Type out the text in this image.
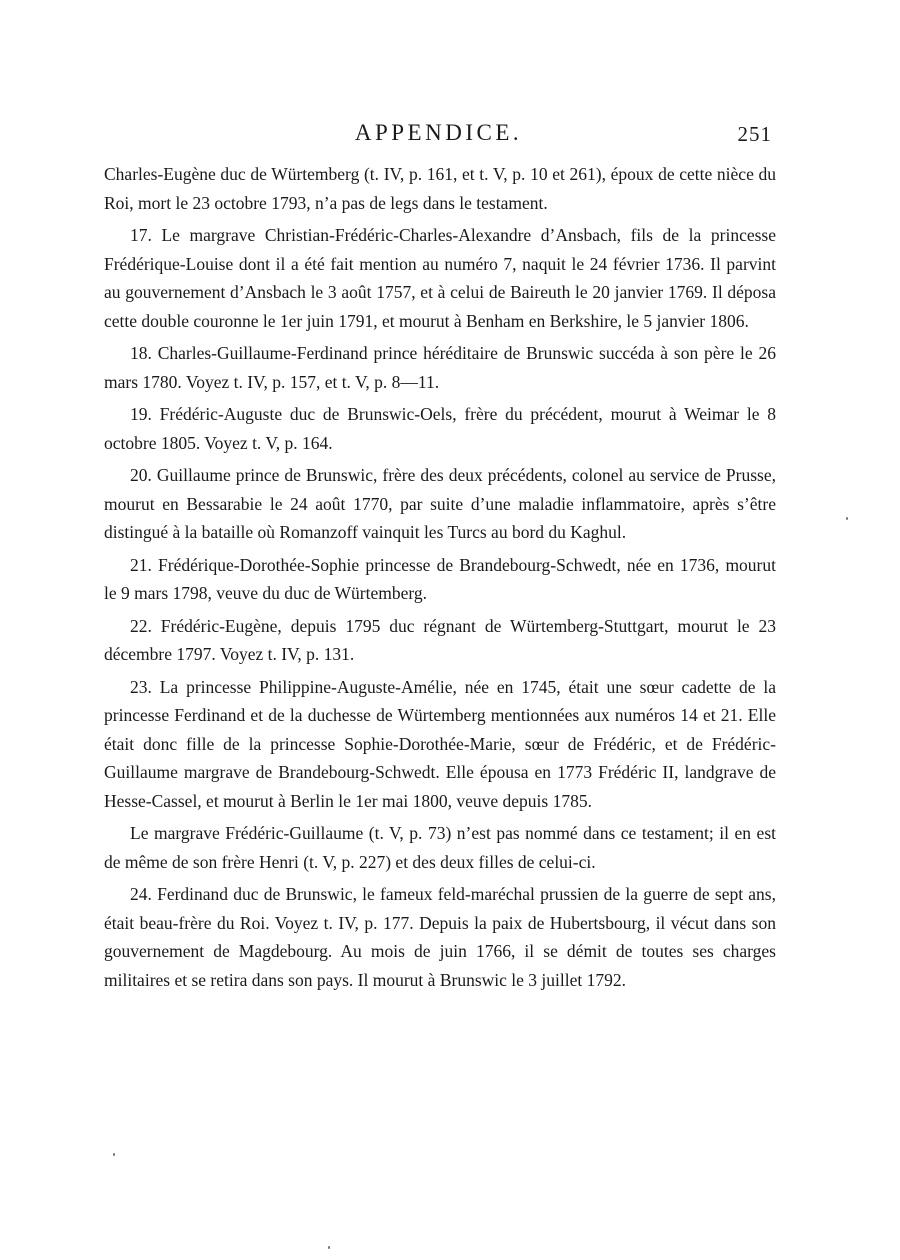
APPENDICE.	251

Charles-Eugène duc de Würtemberg (t. IV, p. 161, et t. V, p. 10 et 261), époux de cette nièce du Roi, mort le 23 octobre 1793, n’a pas de legs dans le testament.

17. Le margrave Christian-Frédéric-Charles-Alexandre d’Ansbach, fils de la princesse Frédérique-Louise dont il a été fait mention au numéro 7, naquit le 24 février 1736. Il parvint au gouvernement d’Ansbach le 3 août 1757, et à celui de Baireuth le 20 janvier 1769. Il déposa cette double couronne le 1er juin 1791, et mourut à Benham en Berkshire, le 5 janvier 1806.

18. Charles-Guillaume-Ferdinand prince héréditaire de Brunswic succéda à son père le 26 mars 1780. Voyez t. IV, p. 157, et t. V, p. 8—11.

19. Frédéric-Auguste duc de Brunswic-Oels, frère du précédent, mourut à Weimar le 8 octobre 1805. Voyez t. V, p. 164.

20. Guillaume prince de Brunswic, frère des deux précédents, colonel au service de Prusse, mourut en Bessarabie le 24 août 1770, par suite d’une maladie inflammatoire, après s’être distingué à la bataille où Romanzoff vainquit les Turcs au bord du Kaghul.

21. Frédérique-Dorothée-Sophie princesse de Brandebourg-Schwedt, née en 1736, mourut le 9 mars 1798, veuve du duc de Würtemberg.

22. Frédéric-Eugène, depuis 1795 duc régnant de Würtemberg-Stuttgart, mourut le 23 décembre 1797. Voyez t. IV, p. 131.

23. La princesse Philippine-Auguste-Amélie, née en 1745, était une sœur cadette de la princesse Ferdinand et de la duchesse de Würtemberg mentionnées aux numéros 14 et 21. Elle était donc fille de la princesse Sophie-Dorothée-Marie, sœur de Frédéric, et de Frédéric-Guillaume margrave de Brandebourg-Schwedt. Elle épousa en 1773 Frédéric II, landgrave de Hesse-Cassel, et mourut à Berlin le 1er mai 1800, veuve depuis 1785.

Le margrave Frédéric-Guillaume (t. V, p. 73) n’est pas nommé dans ce testament; il en est de même de son frère Henri (t. V, p. 227) et des deux filles de celui-ci.

24. Ferdinand duc de Brunswic, le fameux feld-maréchal prussien de la guerre de sept ans, était beau-frère du Roi. Voyez t. IV, p. 177. Depuis la paix de Hubertsbourg, il vécut dans son gouvernement de Magdebourg. Au mois de juin 1766, il se démit de toutes ses charges militaires et se retira dans son pays. Il mourut à Brunswic le 3 juillet 1792.
